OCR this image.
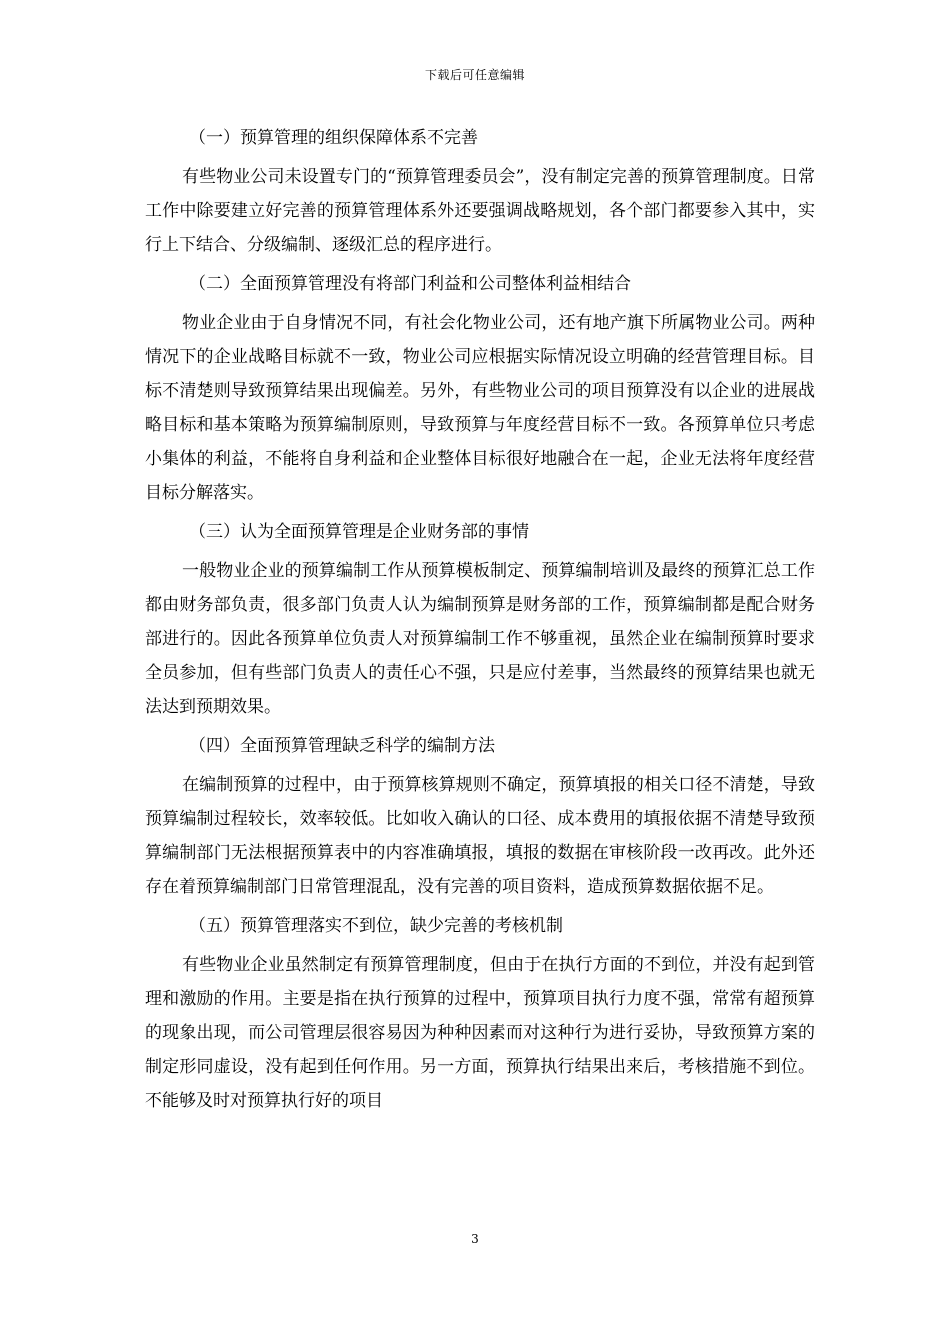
下载后可任意编辑
（一）预算管理的组织保障体系不完善

有些物业公司未设置专门的“预算管理委员会”，没有制定完善的预算管理制度。日常工作中除要建立好完善的预算管理体系外还要强调战略规划，各个部门都要参入其中，实行上下结合、分级编制、逐级汇总的程序进行。

（二）全面预算管理没有将部门利益和公司整体利益相结合

物业企业由于自身情况不同，有社会化物业公司，还有地产旗下所属物业公司。两种情况下的企业战略目标就不一致，物业公司应根据实际情况设立明确的经营管理目标。目标不清楚则导致预算结果出现偏差。另外，有些物业公司的项目预算没有以企业的进展战略目标和基本策略为预算编制原则，导致预算与年度经营目标不一致。各预算单位只考虑小集体的利益，不能将自身利益和企业整体目标很好地融合在一起，企业无法将年度经营目标分解落实。

（三）认为全面预算管理是企业财务部的事情

一般物业企业的预算编制工作从预算模板制定、预算编制培训及最终的预算汇总工作都由财务部负责，很多部门负责人认为编制预算是财务部的工作，预算编制都是配合财务部进行的。因此各预算单位负责人对预算编制工作不够重视，虽然企业在编制预算时要求全员参加，但有些部门负责人的责任心不强，只是应付差事，当然最终的预算结果也就无法达到预期效果。

（四）全面预算管理缺乏科学的编制方法

在编制预算的过程中，由于预算核算规则不确定，预算填报的相关口径不清楚，导致预算编制过程较长，效率较低。比如收入确认的口径、成本费用的填报依据不清楚导致预算编制部门无法根据预算表中的内容准确填报，填报的数据在审核阶段一改再改。此外还存在着预算编制部门日常管理混乱，没有完善的项目资料，造成预算数据依据不足。

（五）预算管理落实不到位，缺少完善的考核机制

有些物业企业虽然制定有预算管理制度，但由于在执行方面的不到位，并没有起到管理和激励的作用。主要是指在执行预算的过程中，预算项目执行力度不强，常常有超预算的现象出现，而公司管理层很容易因为种种因素而对这种行为进行妥协，导致预算方案的制定形同虚设，没有起到任何作用。另一方面，预算执行结果出来后，考核措施不到位。不能够及时对预算执行好的项目

3
